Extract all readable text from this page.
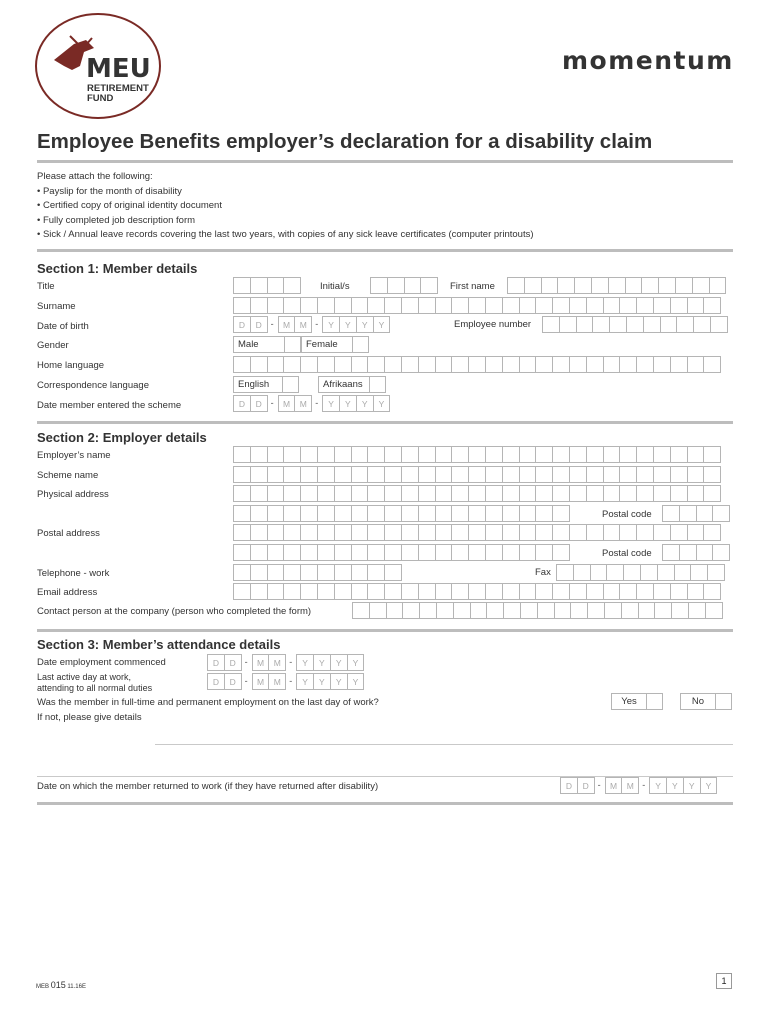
MEU
RETIREMENT
FUND
momentum
Employee Benefits employer’s declaration for a disability claim
Please attach the following:
• Payslip for the month of disability
• Certified copy of original identity document
• Fully completed job description form
• Sick / Annual leave records covering the last two years, with copies of any sick leave certificates (computer printouts)
Section 1: Member details
Title	Initial/s	First name
Surname
Date of birth	D	D -	M	M -	Y	Y	Y	Y	Employee number
Gender	Male	Female
Home language
Correspondence language	English	Afrikaans
Date member entered the scheme	D	D -	M	M -	Y	Y	Y	Y
Section 2: Employer details
Employer’s name
Scheme name
Physical address
Postal code
Postal address
Postal code
Telephone - work	Fax
Email address
Contact person at the company (person who completed the form)
Section 3: Member’s attendance details
Date employment commenced	D	D -	M	M -	Y	Y	Y	Y
Last active day at work,
attending to all normal duties
D	D -	M	M -	Y	Y	Y	Y
Was the member in full-time and permanent employment on the last day of work?	Yes	No
If not, please give details
Date on which the member returned to work (if they have returned after disability)	D	D -	M	M -	Y	Y	Y	Y
MEB 015 11.16E
1
